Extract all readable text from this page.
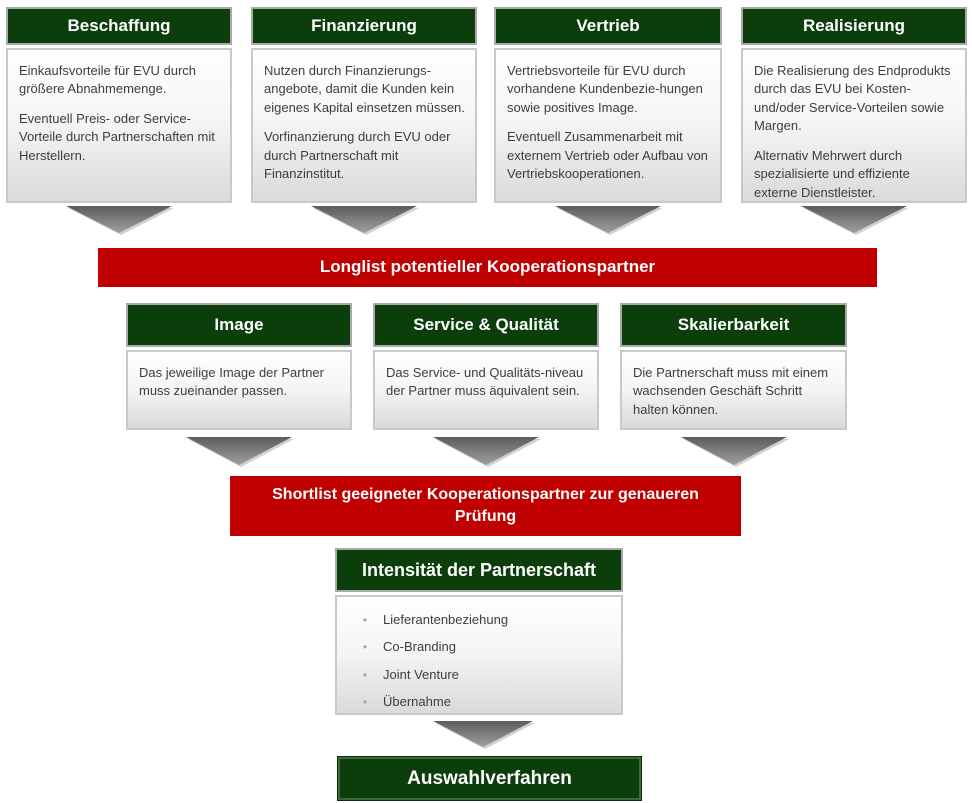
Beschaffung

Einkaufsvorteile für EVU durch größere Abnahmemenge.

Eventuell Preis- oder Service-Vorteile durch Partnerschaften mit Herstellern.

Finanzierung

Nutzen durch Finanzierungs-angebote, damit die Kunden kein eigenes Kapital einsetzen müssen.

Vorfinanzierung durch EVU oder durch Partnerschaft mit Finanzinstitut.

Vertrieb

Vertriebsvorteile für EVU durch vorhandene Kundenbezie-hungen sowie positives Image.

Eventuell Zusammenarbeit mit externem Vertrieb oder Aufbau von Vertriebskooperationen.

Realisierung

Die Realisierung des Endprodukts durch das EVU bei Kosten- und/oder Service-Vorteilen sowie Margen.

Alternativ Mehrwert durch spezialisierte und effiziente externe Dienstleister.

Longlist potentieller Kooperationspartner
Image

Das jeweilige Image der Partner muss zueinander passen.

Service & Qualität

Das Service- und Qualitäts-niveau der Partner muss äquivalent sein.

Skalierbarkeit

Die Partnerschaft muss mit einem wachsenden Geschäft Schritt halten können.

Shortlist geeigneter Kooperationspartner zur genaueren Prüfung
Intensität der Partnerschaft
•	Lieferantenbeziehung
•	Co-Branding
•	Joint Venture
•	Übernahme
Auswahlverfahren
